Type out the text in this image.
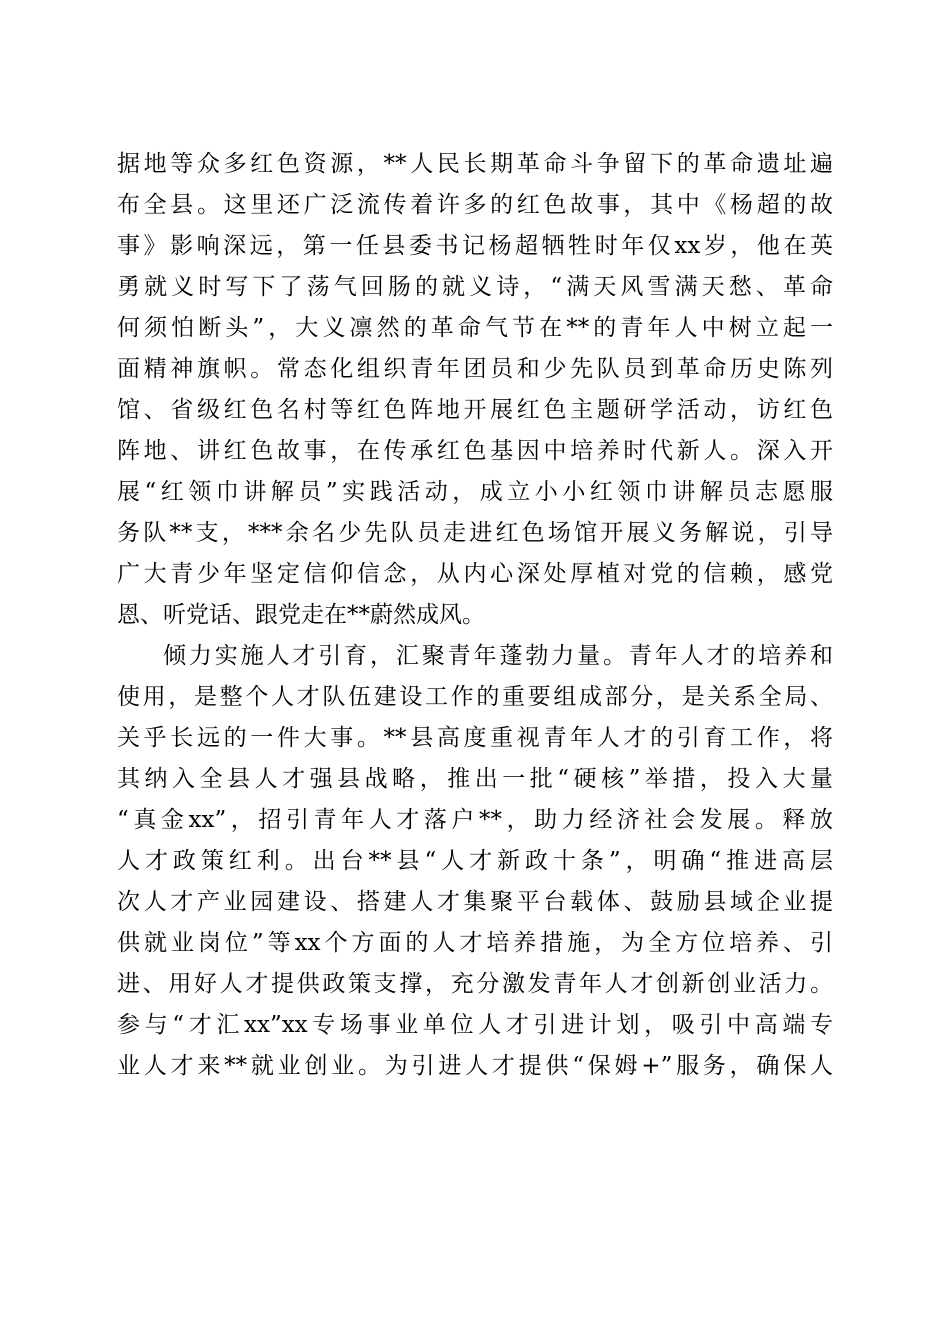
据地等众多红色资源，**人民长期革命斗争留下的革命遗址遍
布全县。这里还广泛流传着许多的红色故事，其中《杨超的故
事》影响深远，第一任县委书记杨超牺牲时年仅xx岁，他在英
勇就义时写下了荡气回肠的就义诗，“满天风雪满天愁、革命
何须怕断头”，大义凛然的革命气节在**的青年人中树立起一
面精神旗帜。常态化组织青年团员和少先队员到革命历史陈列
馆、省级红色名村等红色阵地开展红色主题研学活动，访红色
阵地、讲红色故事，在传承红色基因中培养时代新人。深入开
展“红领巾讲解员”实践活动，成立小小红领巾讲解员志愿服
务队**支，***余名少先队员走进红色场馆开展义务解说，引导
广大青少年坚定信仰信念，从内心深处厚植对党的信赖，感党
恩、听党话、跟党走在**蔚然成风。
倾力实施人才引育，汇聚青年蓬勃力量。青年人才的培养和
使用，是整个人才队伍建设工作的重要组成部分，是关系全局、
关乎长远的一件大事。**县高度重视青年人才的引育工作，将
其纳入全县人才强县战略，推出一批“硬核”举措，投入大量
“真金xx”，招引青年人才落户**，助力经济社会发展。释放
人才政策红利。出台**县“人才新政十条”，明确“推进高层
次人才产业园建设、搭建人才集聚平台载体、鼓励县域企业提
供就业岗位”等xx个方面的人才培养措施，为全方位培养、引
进、用好人才提供政策支撑，充分激发青年人才创新创业活力。
参与“才汇xx”xx专场事业单位人才引进计划，吸引中高端专
业人才来**就业创业。为引进人才提供“保姆+”服务，确保人
